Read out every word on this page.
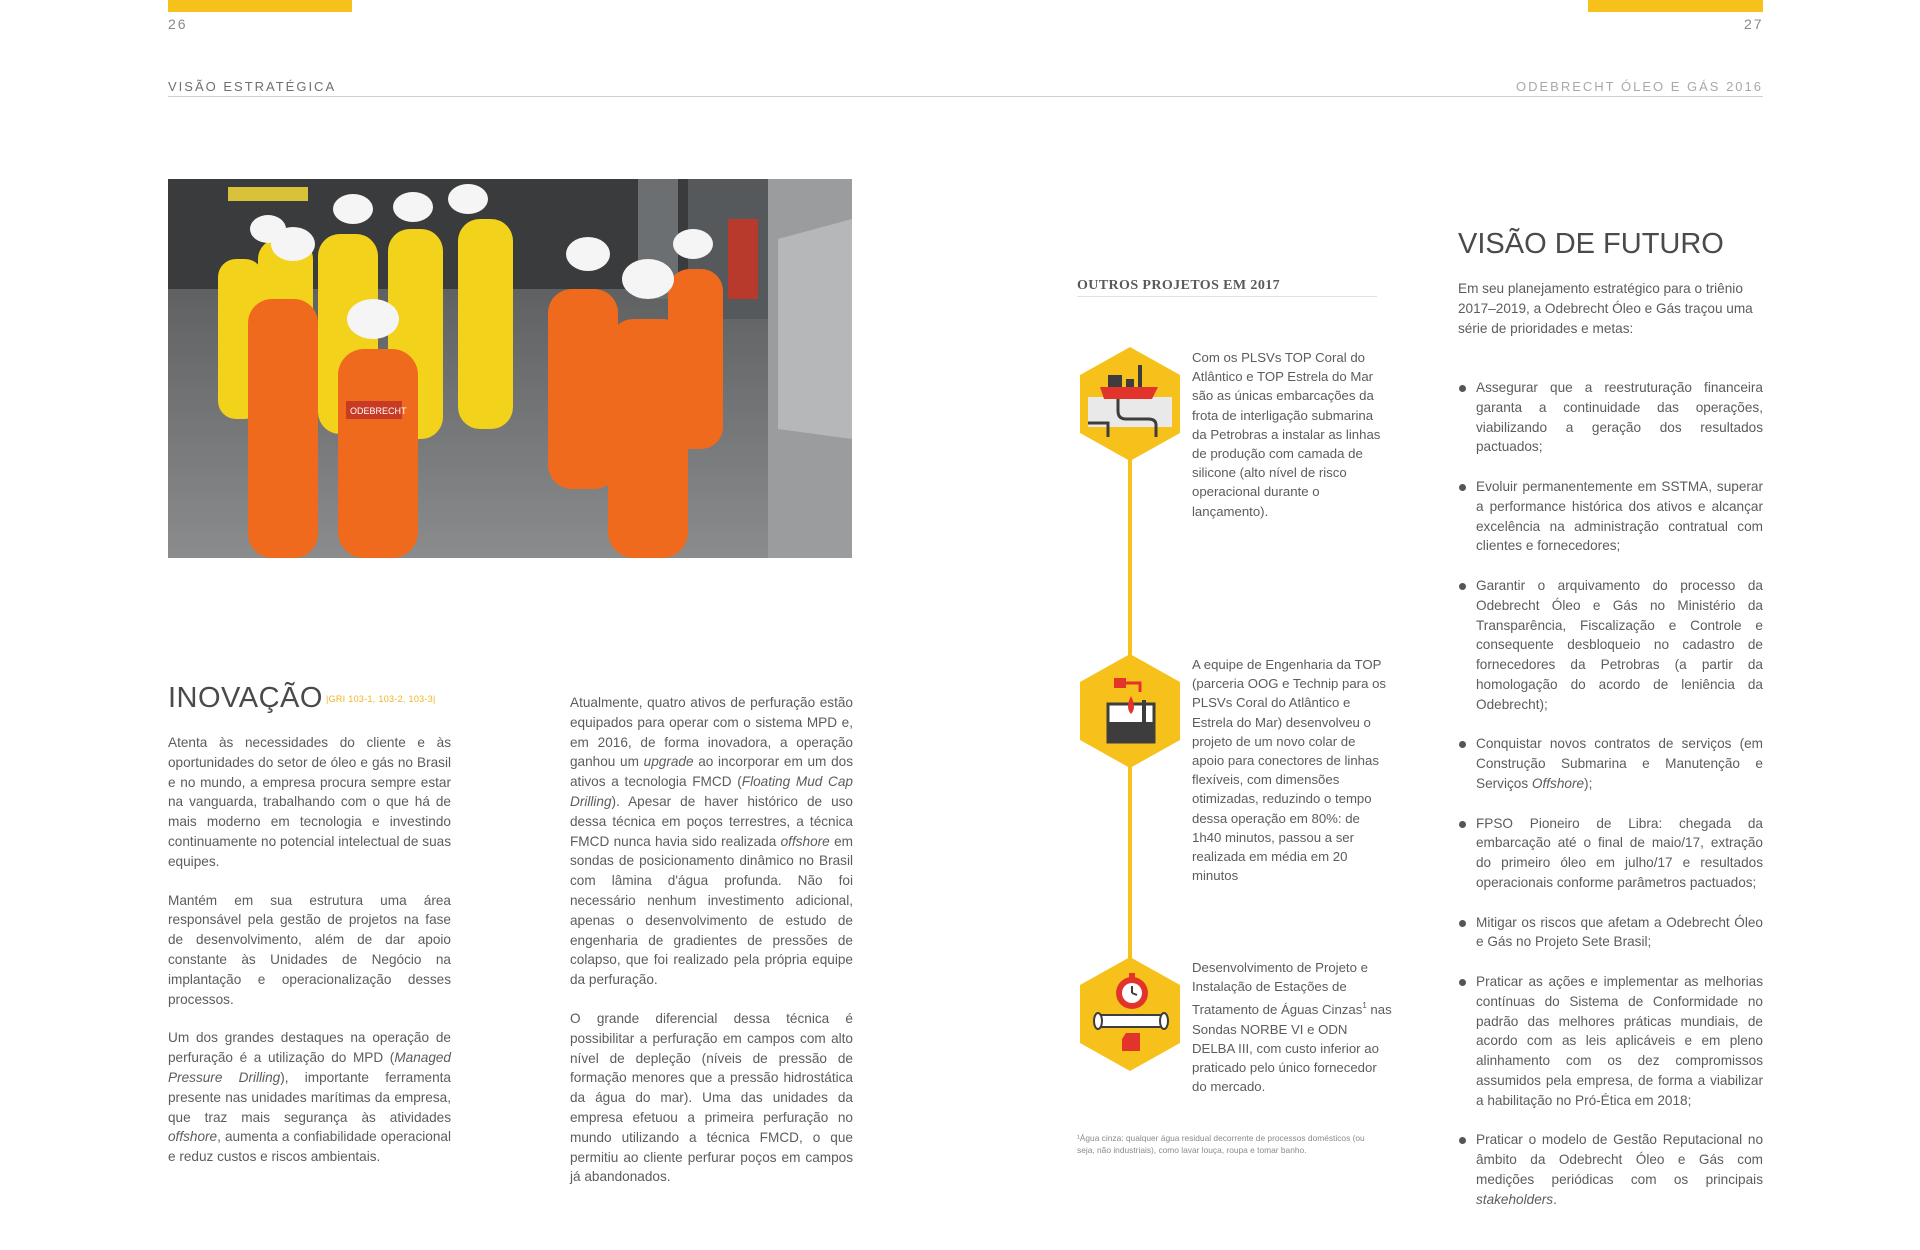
26	27
VISÃO ESTRATÉGICA	ODEBRECHT ÓLEO E GÁS 2016
ODEBRECHT
INOVAÇÃO $^{|GRI 103-1, 103-2, 103-3|}$

Atenta às necessidades do cliente e às oportunidades do setor de óleo e gás no Brasil e no mundo, a empresa procura sempre estar na vanguarda, trabalhando com o que há de mais moderno em tecnologia e investindo continuamente no potencial intelectual de suas equipes.

Mantém em sua estrutura uma área responsável pela gestão de projetos na fase de desenvolvimento, além de dar apoio constante às Unidades de Negócio na implantação e operacionalização desses processos.

Um dos grandes destaques na operação de perfuração é a utilização do MPD (Managed Pressure Drilling), importante ferramenta presente nas unidades marítimas da empresa, que traz mais segurança às atividades offshore, aumenta a confiabilidade operacional e reduz custos e riscos ambientais.

Atualmente, quatro ativos de perfuração estão equipados para operar com o sistema MPD e, em 2016, de forma inovadora, a operação ganhou um upgrade ao incorporar em um dos ativos a tecnologia FMCD (Floating Mud Cap Drilling). Apesar de haver histórico de uso dessa técnica em poços terrestres, a técnica FMCD nunca havia sido realizada offshore em sondas de posicionamento dinâmico no Brasil com lâmina d'água profunda. Não foi necessário nenhum investimento adicional, apenas o desenvolvimento de estudo de engenharia de gradientes de pressões de colapso, que foi realizado pela própria equipe da perfuração.

O grande diferencial dessa técnica é possibilitar a perfuração em campos com alto nível de depleção (níveis de pressão de formação menores que a pressão hidrostática da água do mar). Uma das unidades da empresa efetuou a primeira perfuração no mundo utilizando a técnica FMCD, o que permitiu ao cliente perfurar poços em campos já abandonados.

OUTROS PROJETOS EM 2017
Com os PLSVs TOP Coral do Atlântico e TOP Estrela do Mar são as únicas embarcações da frota de interligação submarina da Petrobras a instalar as linhas de produção com camada de silicone (alto nível de risco operacional durante o lançamento).
A equipe de Engenharia da TOP (parceria OOG e Technip para os PLSVs Coral do Atlântico e Estrela do Mar) desenvolveu o projeto de um novo colar de apoio para conectores de linhas flexíveis, com dimensões otimizadas, reduzindo o tempo dessa operação em 80%: de 1h40 minutos, passou a ser realizada em média em 20 minutos
Desenvolvimento de Projeto e Instalação de Estações de Tratamento de Águas Cinzas$^1$ nas Sondas NORBE VI e ODN DELBA III, com custo inferior ao praticado pelo único fornecedor do mercado.
¹Água cinza: qualquer água residual decorrente de processos domésticos (ou seja, não industriais), como lavar louça, roupa e tomar banho.
VISÃO DE FUTURO
Em seu planejamento estratégico para o triênio 2017–2019, a Odebrecht Óleo e Gás traçou uma série de prioridades e metas:
Assegurar que a reestruturação financeira garanta a continuidade das operações, viabilizando a geração dos resultados pactuados;
Evoluir permanentemente em SSTMA, superar a performance histórica dos ativos e alcançar excelência na administração contratual com clientes e fornecedores;
Garantir o arquivamento do processo da Odebrecht Óleo e Gás no Ministério da Transparência, Fiscalização e Controle e consequente desbloqueio no cadastro de fornecedores da Petrobras (a partir da homologação do acordo de leniência da Odebrecht);
Conquistar novos contratos de serviços (em Construção Submarina e Manutenção e Serviços Offshore);
FPSO Pioneiro de Libra: chegada da embarcação até o final de maio/17, extração do primeiro óleo em julho/17 e resultados operacionais conforme parâmetros pactuados;
Mitigar os riscos que afetam a Odebrecht Óleo e Gás no Projeto Sete Brasil;
Praticar as ações e implementar as melhorias contínuas do Sistema de Conformidade no padrão das melhores práticas mundiais, de acordo com as leis aplicáveis e em pleno alinhamento com os dez compromissos assumidos pela empresa, de forma a viabilizar a habilitação no Pró-Ética em 2018;
Praticar o modelo de Gestão Reputacional no âmbito da Odebrecht Óleo e Gás com medições periódicas com os principais stakeholders.
